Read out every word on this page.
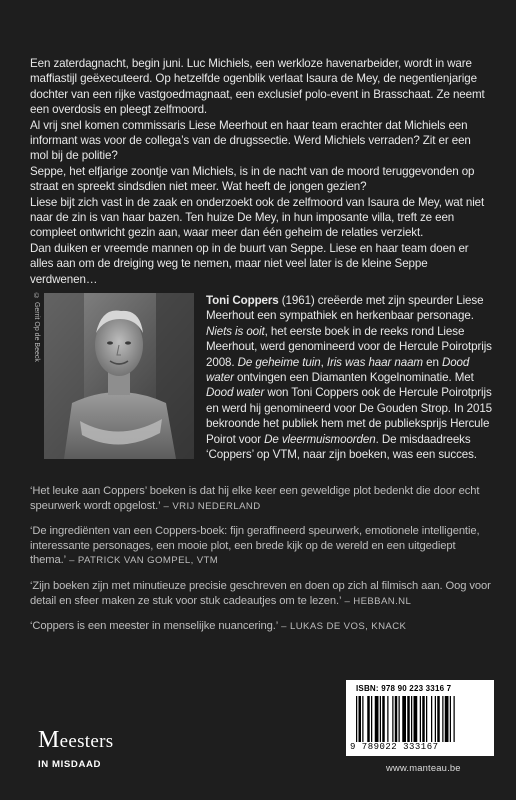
Een zaterdagnacht, begin juni. Luc Michiels, een werkloze havenarbeider, wordt in ware maffiastijl geëxecuteerd. Op hetzelfde ogenblik verlaat Isaura de Mey, de negentienjarige dochter van een rijke vastgoedmagnaat, een exclusief polo-event in Brasschaat. Ze neemt een overdosis en pleegt zelfmoord.

Al vrij snel komen commissaris Liese Meerhout en haar team erachter dat Michiels een informant was voor de collega’s van de drugssectie. Werd Michiels verraden? Zit er een mol bij de politie?

Seppe, het elfjarige zoontje van Michiels, is in de nacht van de moord teruggevonden op straat en spreekt sindsdien niet meer. Wat heeft de jongen gezien?

Liese bijt zich vast in de zaak en onderzoekt ook de zelfmoord van Isaura de Mey, wat niet naar de zin is van haar bazen. Ten huize De Mey, in hun imposante villa, treft ze een compleet ontwricht gezin aan, waar meer dan één geheim de relaties verziekt.

Dan duiken er vreemde mannen op in de buurt van Seppe. Liese en haar team doen er alles aan om de dreiging weg te nemen, maar niet veel later is de kleine Seppe verdwenen…

© Gerrit Op de Beeck	Toni Coppers (1961) creëerde met zijn speurder Liese Meerhout een sympathiek en herkenbaar personage. Niets is ooit, het eerste boek in de reeks rond Liese Meerhout, werd genomineerd voor de Hercule Poirotprijs 2008. De geheime tuin, Iris was haar naam en Dood water ontvingen een Diamanten Kogelnominatie. Met Dood water won Toni Coppers ook de Hercule Poirotprijs en werd hij genomineerd voor De Gouden Strop. In 2015 bekroonde het publiek hem met de publieksprijs Hercule Poirot voor De vleermuismoorden. De misdaadreeks ‘Coppers’ op VTM, naar zijn boeken, was een succes.

‘Het leuke aan Coppers’ boeken is dat hij elke keer een geweldige plot bedenkt die door echt speurwerk wordt opgelost.’ – VRIJ NEDERLAND

‘De ingrediënten van een Coppers-boek: fijn geraffineerd speurwerk, emotionele intelligentie, interessante personages, een mooie plot, een brede kijk op de wereld en een uitgediept thema.’ – PATRICK VAN GOMPEL, VTM

‘Zijn boeken zijn met minutieuze precisie geschreven en doen op zich al filmisch aan. Oog voor detail en sfeer maken ze stuk voor stuk cadeautjes om te lezen.’ – HEBBAN.NL

‘Coppers is een meester in menselijke nuancering.’ – LUKAS DE VOS, KNACK

Meesters
IN MISDAAD
ISBN: 978 90 223 3316 7
9 789022 333167
www.manteau.be
